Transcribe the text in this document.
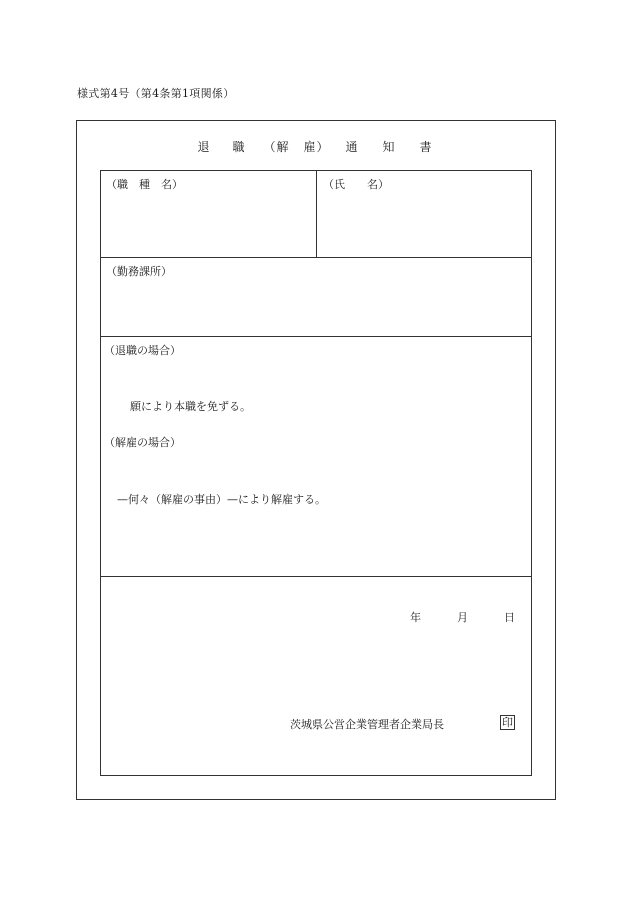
様式第4号（第4条第1項関係）
退 職 （解 雇） 通 知 書
（職　種　名）	（氏　　名）
（勤務課所）
（退職の場合）
願により本職を免ずる。
（解雇の場合）
—何々（解雇の事由）—により解雇する。
年	月	日
茨城県公営企業管理者企業局長	印
